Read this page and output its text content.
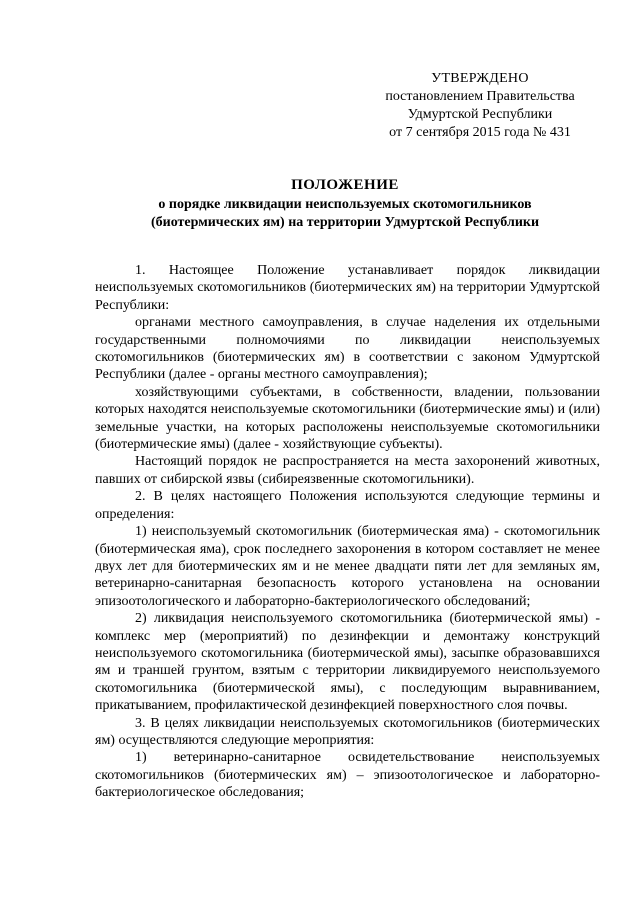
УТВЕРЖДЕНО
постановлением Правительства
Удмуртской Республики
от 7 сентября 2015 года № 431
ПОЛОЖЕНИЕ
о порядке ликвидации неиспользуемых скотомогильников
(биотермических ям) на территории Удмуртской Республики

1. Настоящее Положение устанавливает порядок ликвидации неиспользуемых скотомогильников (биотермических ям) на территории Удмуртской Республики:

органами местного самоуправления, в случае наделения их отдельными государственными полномочиями по ликвидации неиспользуемых скотомогильников (биотермических ям) в соответствии с законом Удмуртской Республики (далее - органы местного самоуправления);

хозяйствующими субъектами, в собственности, владении, пользовании которых находятся неиспользуемые скотомогильники (биотермические ямы) и (или) земельные участки, на которых расположены неиспользуемые скотомогильники (биотермические ямы) (далее - хозяйствующие субъекты).

Настоящий порядок не распространяется на места захоронений животных, павших от сибирской язвы (сибиреязвенные скотомогильники).

2. В целях настоящего Положения используются следующие термины и определения:

1) неиспользуемый скотомогильник (биотермическая яма) - скотомогильник (биотермическая яма), срок последнего захоронения в котором составляет не менее двух лет для биотермических ям и не менее двадцати пяти лет для земляных ям, ветеринарно-санитарная безопасность которого установлена на основании эпизоотологического и лабораторно-бактериологического обследований;

2) ликвидация неиспользуемого скотомогильника (биотермической ямы) - комплекс мер (мероприятий) по дезинфекции и демонтажу конструкций неиспользуемого скотомогильника (биотермической ямы), засыпке образовавшихся ям и траншей грунтом, взятым с территории ликвидируемого неиспользуемого скотомогильника (биотермической ямы), с последующим выравниванием, прикатыванием, профилактической дезинфекцией поверхностного слоя почвы.

3. В целях ликвидации неиспользуемых скотомогильников (биотермических ям) осуществляются следующие мероприятия:

1) ветеринарно-санитарное освидетельствование неиспользуемых скотомогильников (биотермических ям) – эпизоотологическое и лабораторно-бактериологическое обследования;
